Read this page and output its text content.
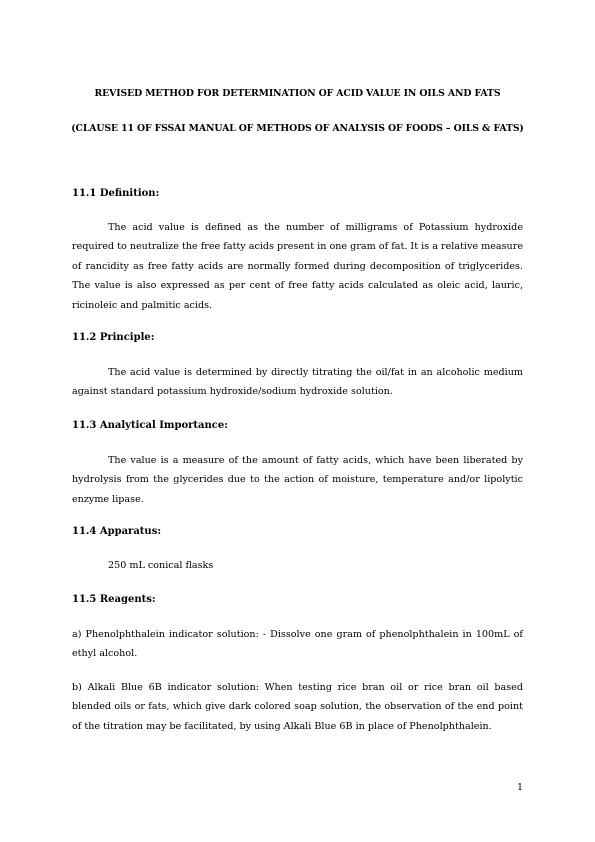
REVISED METHOD FOR DETERMINATION OF ACID VALUE IN OILS AND FATS
(CLAUSE 11 OF FSSAI MANUAL OF METHODS OF ANALYSIS OF FOODS – OILS & FATS)
11.1 Definition:
The acid value is defined as the number of milligrams of Potassium hydroxide required to neutralize the free fatty acids present in one gram of fat. It is a relative measure of rancidity as free fatty acids are normally formed during decomposition of triglycerides. The value is also expressed as per cent of free fatty acids calculated as oleic acid, lauric, ricinoleic and palmitic acids.
11.2 Principle:
The acid value is determined by directly titrating the oil/fat in an alcoholic medium against standard potassium hydroxide/sodium hydroxide solution.
11.3 Analytical Importance:
The value is a measure of the amount of fatty acids, which have been liberated by hydrolysis from the glycerides due to the action of moisture, temperature and/or lipolytic enzyme lipase.
11.4 Apparatus:
250 mL conical flasks
11.5 Reagents:
a) Phenolphthalein indicator solution: - Dissolve one gram of phenolphthalein in 100mL of ethyl alcohol.
b) Alkali Blue 6B indicator solution: When testing rice bran oil or rice bran oil based blended oils or fats, which give dark colored soap solution, the observation of the end point of the titration may be facilitated, by using Alkali Blue 6B in place of Phenolphthalein.
1
